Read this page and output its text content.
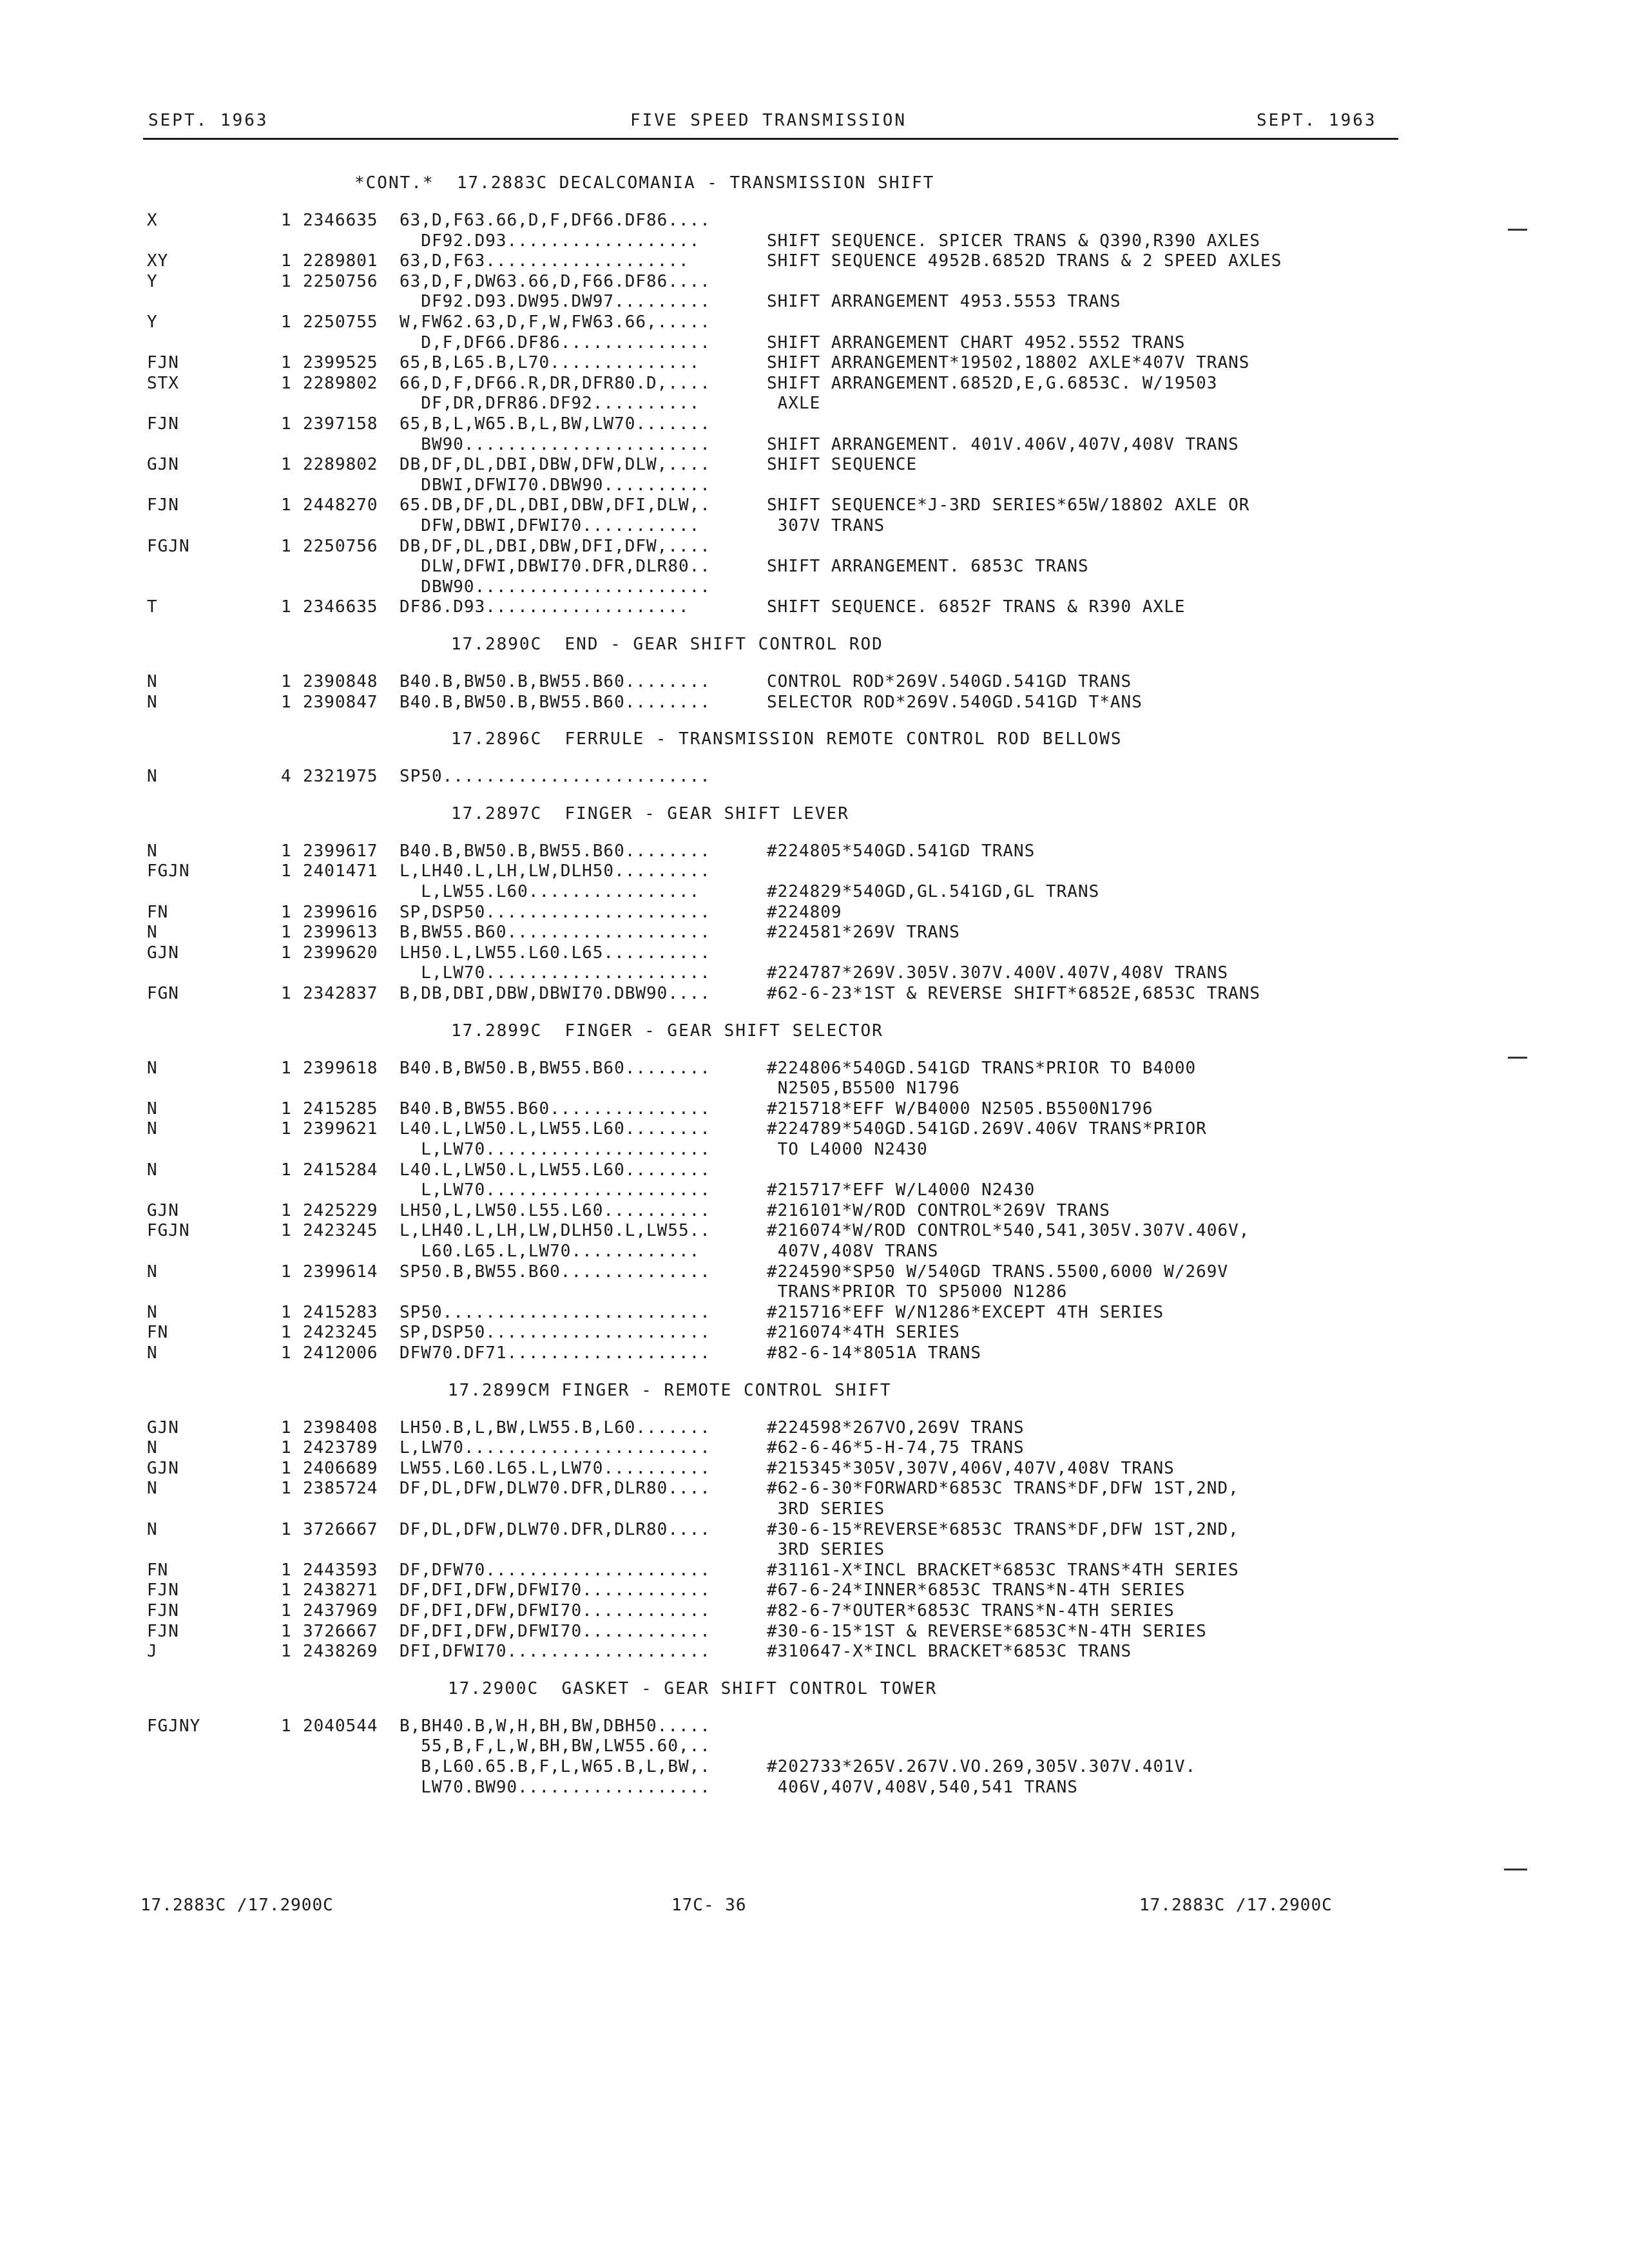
SEPT. 1963	FIVE SPEED TRANSMISSION	SEPT. 1963
*CONT.*  17.2883C DECALCOMANIA - TRANSMISSION SHIFT
X	1 2346635 63,D,F63.66,D,F,DF66.DF86....
DF92.D93..................	SHIFT SEQUENCE. SPICER TRANS & Q390,R390 AXLES
XY	1 2289801 63,D,F63...................	SHIFT SEQUENCE 4952B.6852D TRANS & 2 SPEED AXLES
Y	1 2250756 63,D,F,DW63.66,D,F66.DF86....
DF92.D93.DW95.DW97.........	SHIFT ARRANGEMENT 4953.5553 TRANS
Y	1 2250755 W,FW62.63,D,F,W,FW63.66,.....
D,F,DF66.DF86..............	SHIFT ARRANGEMENT CHART 4952.5552 TRANS
FJN	1 2399525 65,B,L65.B,L70..............	SHIFT ARRANGEMENT*19502,18802 AXLE*407V TRANS
STX	1 2289802 66,D,F,DF66.R,DR,DFR80.D,....	SHIFT ARRANGEMENT.6852D,E,G.6853C. W/19503
DF,DR,DFR86.DF92..........	AXLE
FJN	1 2397158 65,B,L,W65.B,L,BW,LW70.......
BW90.......................	SHIFT ARRANGEMENT. 401V.406V,407V,408V TRANS
GJN	1 2289802 DB,DF,DL,DBI,DBW,DFW,DLW,....	SHIFT SEQUENCE
DBWI,DFWI70.DBW90..........
FJN	1 2448270 65.DB,DF,DL,DBI,DBW,DFI,DLW,.	SHIFT SEQUENCE*J-3RD SERIES*65W/18802 AXLE OR
DFW,DBWI,DFWI70...........	307V TRANS
FGJN	1 2250756 DB,DF,DL,DBI,DBW,DFI,DFW,....
DLW,DFWI,DBWI70.DFR,DLR80..	SHIFT ARRANGEMENT. 6853C TRANS
DBW90......................
T	1 2346635 DF86.D93...................	SHIFT SEQUENCE. 6852F TRANS & R390 AXLE
17.2890C  END - GEAR SHIFT CONTROL ROD
N	1 2390848 B40.B,BW50.B,BW55.B60........	CONTROL ROD*269V.540GD.541GD TRANS
N	1 2390847 B40.B,BW50.B,BW55.B60........	SELECTOR ROD*269V.540GD.541GD T*ANS
17.2896C  FERRULE - TRANSMISSION REMOTE CONTROL ROD BELLOWS
N	4 2321975 SP50.........................
17.2897C  FINGER - GEAR SHIFT LEVER
N	1 2399617 B40.B,BW50.B,BW55.B60........	#224805*540GD.541GD TRANS
FGJN	1 2401471 L,LH40.L,LH,LW,DLH50.........
L,LW55.L60................	#224829*540GD,GL.541GD,GL TRANS
FN	1 2399616 SP,DSP50.....................	#224809
N	1 2399613 B,BW55.B60...................	#224581*269V TRANS
GJN	1 2399620 LH50.L,LW55.L60.L65..........
L,LW70.....................	#224787*269V.305V.307V.400V.407V,408V TRANS
FGN	1 2342837 B,DB,DBI,DBW,DBWI70.DBW90....	#62-6-23*1ST & REVERSE SHIFT*6852E,6853C TRANS
17.2899C  FINGER - GEAR SHIFT SELECTOR
N	1 2399618 B40.B,BW50.B,BW55.B60........	#224806*540GD.541GD TRANS*PRIOR TO B4000
N2505,B5500 N1796
N	1 2415285 B40.B,BW55.B60...............	#215718*EFF W/B4000 N2505.B5500N1796
N	1 2399621 L40.L,LW50.L,LW55.L60........	#224789*540GD.541GD.269V.406V TRANS*PRIOR
L,LW70.....................	TO L4000 N2430
N	1 2415284 L40.L,LW50.L,LW55.L60........
L,LW70.....................	#215717*EFF W/L4000 N2430
GJN	1 2425229 LH50,L,LW50.L55.L60..........	#216101*W/ROD CONTROL*269V TRANS
FGJN	1 2423245 L,LH40.L,LH,LW,DLH50.L,LW55..	#216074*W/ROD CONTROL*540,541,305V.307V.406V,
L60.L65.L,LW70............	407V,408V TRANS
N	1 2399614 SP50.B,BW55.B60..............	#224590*SP50 W/540GD TRANS.5500,6000 W/269V
TRANS*PRIOR TO SP5000 N1286
N	1 2415283 SP50.........................	#215716*EFF W/N1286*EXCEPT 4TH SERIES
FN	1 2423245 SP,DSP50.....................	#216074*4TH SERIES
N	1 2412006 DFW70.DF71...................	#82-6-14*8051A TRANS
17.2899CM FINGER - REMOTE CONTROL SHIFT
GJN	1 2398408 LH50.B,L,BW,LW55.B,L60.......	#224598*267VO,269V TRANS
N	1 2423789 L,LW70.......................	#62-6-46*5-H-74,75 TRANS
GJN	1 2406689 LW55.L60.L65.L,LW70..........	#215345*305V,307V,406V,407V,408V TRANS
N	1 2385724 DF,DL,DFW,DLW70.DFR,DLR80....	#62-6-30*FORWARD*6853C TRANS*DF,DFW 1ST,2ND,
3RD SERIES
N	1 3726667 DF,DL,DFW,DLW70.DFR,DLR80....	#30-6-15*REVERSE*6853C TRANS*DF,DFW 1ST,2ND,
3RD SERIES
FN	1 2443593 DF,DFW70.....................	#31161-X*INCL BRACKET*6853C TRANS*4TH SERIES
FJN	1 2438271 DF,DFI,DFW,DFWI70............	#67-6-24*INNER*6853C TRANS*N-4TH SERIES
FJN	1 2437969 DF,DFI,DFW,DFWI70............	#82-6-7*OUTER*6853C TRANS*N-4TH SERIES
FJN	1 3726667 DF,DFI,DFW,DFWI70............	#30-6-15*1ST & REVERSE*6853C*N-4TH SERIES
J	1 2438269 DFI,DFWI70...................	#310647-X*INCL BRACKET*6853C TRANS
17.2900C  GASKET - GEAR SHIFT CONTROL TOWER
FGJNY	1 2040544 B,BH40.B,W,H,BH,BW,DBH50.....
55,B,F,L,W,BH,BW,LW55.60,..
B,L60.65.B,F,L,W65.B,L,BW,.	#202733*265V.267V.VO.269,305V.307V.401V.
LW70.BW90..................	406V,407V,408V,540,541 TRANS
17.2883C /17.2900C	17C- 36	17.2883C /17.2900C
